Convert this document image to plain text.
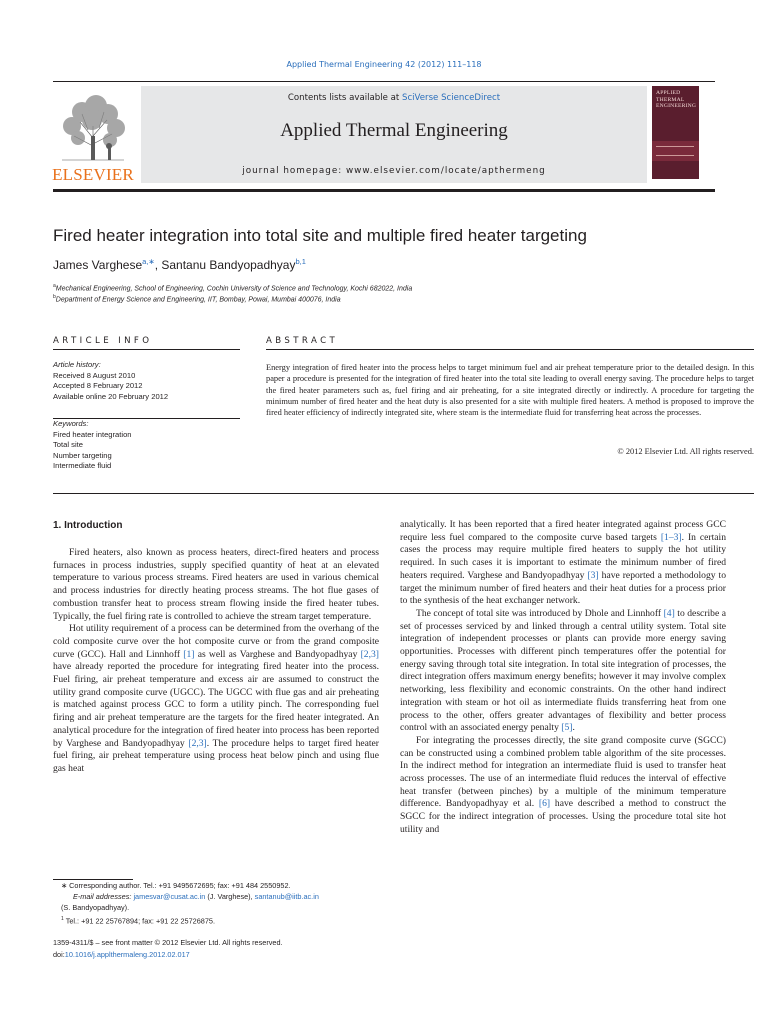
Applied Thermal Engineering 42 (2012) 111–118
ELSEVIER
Contents lists available at SciVerse ScienceDirect
Applied Thermal Engineering
journal homepage: www.elsevier.com/locate/apthermeng
APPLIED THERMAL ENGINEERING
Fired heater integration into total site and multiple fired heater targeting
James Varghese$^{a,∗}$, Santanu Bandyopadhyay$^{b,1}$
$^a$Mechanical Engineering, School of Engineering, Cochin University of Science and Technology, Kochi 682022, India
$^b$Department of Energy Science and Engineering, IIT, Bombay, Powai, Mumbai 400076, India
ARTICLE INFO
Article history:
Received 8 August 2010
Accepted 8 February 2012
Available online 20 February 2012
Keywords:
Fired heater integration
Total site
Number targeting
Intermediate fluid
ABSTRACT
Energy integration of fired heater into the process helps to target minimum fuel and air preheat temperature prior to the detailed design. In this paper a procedure is presented for the integration of fired heater into the total site leading to overall energy saving. The procedure helps to target the fired heater parameters such as, fuel firing and air preheating, for a site integrated directly or indirectly. A procedure for targeting the minimum number of fired heater and the heat duty is also presented for a site with multiple fired heaters. A method is proposed to improve the fired heater efficiency of indirectly integrated site, where steam is the intermediate fluid for transferring heat across the processes.
© 2012 Elsevier Ltd. All rights reserved.
1. Introduction

Fired heaters, also known as process heaters, direct-fired heaters and process furnaces in process industries, supply specified quantity of heat at an elevated temperature to various process streams. Fired heaters are used in various chemical and process industries for directly heating process streams. The hot flue gases of combustion transfer heat to process stream flowing inside the fired heater tubes. Typically, the fuel firing rate is controlled to achieve the stream target temperature.

Hot utility requirement of a process can be determined from the overhang of the cold composite curve over the hot composite curve or from the grand composite curve (GCC). Hall and Linnhoff [1] as well as Varghese and Bandyopadhyay [2,3] have already reported the procedure for integrating fired heater into the process. Fuel firing, air preheat temperature and excess air are assumed to construct the utility grand composite curve (UGCC). The UGCC with flue gas and air preheating is matched against process GCC to form a utility pinch. The corresponding fuel firing and air preheat temperature are the targets for the fired heater integrated. An analytical procedure for the integration of fired heater into process has been reported by Varghese and Bandyopadhyay [2,3]. The procedure helps to target fired heater fuel firing, air preheat temperature using process heat below pinch and using flue gas heat

analytically. It has been reported that a fired heater integrated against process GCC require less fuel compared to the composite curve based targets [1–3]. In certain cases the process may require multiple fired heaters to supply the hot utility required. In such cases it is important to estimate the minimum number of fired heaters required. Varghese and Bandyopadhyay [3] have reported a methodology to target the minimum number of fired heaters and their heat duties for a process prior to the synthesis of the heat exchanger network.

The concept of total site was introduced by Dhole and Linnhoff [4] to describe a set of processes serviced by and linked through a central utility system. Total site integration of independent processes or plants can provide more energy saving opportunities. Processes with different pinch temperatures offer the potential for energy saving through total site integration. In total site integration of processes, the direct integration offers maximum energy benefits; however it may involve complex networking, less flexibility and economic constraints. On the other hand indirect integration with steam or hot oil as intermediate fluids transferring heat from one process to the other, offers greater advantages of flexibility and better process control with an associated energy penalty [5].

For integrating the processes directly, the site grand composite curve (SGCC) can be constructed using a combined problem table algorithm of the site processes. In the indirect method for integration an intermediate fluid is used to transfer heat across processes. The use of an intermediate fluid reduces the interval of effective heat transfer (between pinches) by a multiple of the minimum temperature difference. Bandyopadhyay et al. [6] have described a method to construct the SGCC for the indirect integration of processes. Using the procedure total site hot utility and

∗ Corresponding author. Tel.: +91 9495672695; fax: +91 484 2550952.
E-mail addresses: jamesvar@cusat.ac.in (J. Varghese), santanub@iitb.ac.in
(S. Bandyopadhyay).
$^1$ Tel.: +91 22 25767894; fax: +91 22 25726875.
1359-4311/$ – see front matter © 2012 Elsevier Ltd. All rights reserved.
doi:10.1016/j.applthermaleng.2012.02.017
